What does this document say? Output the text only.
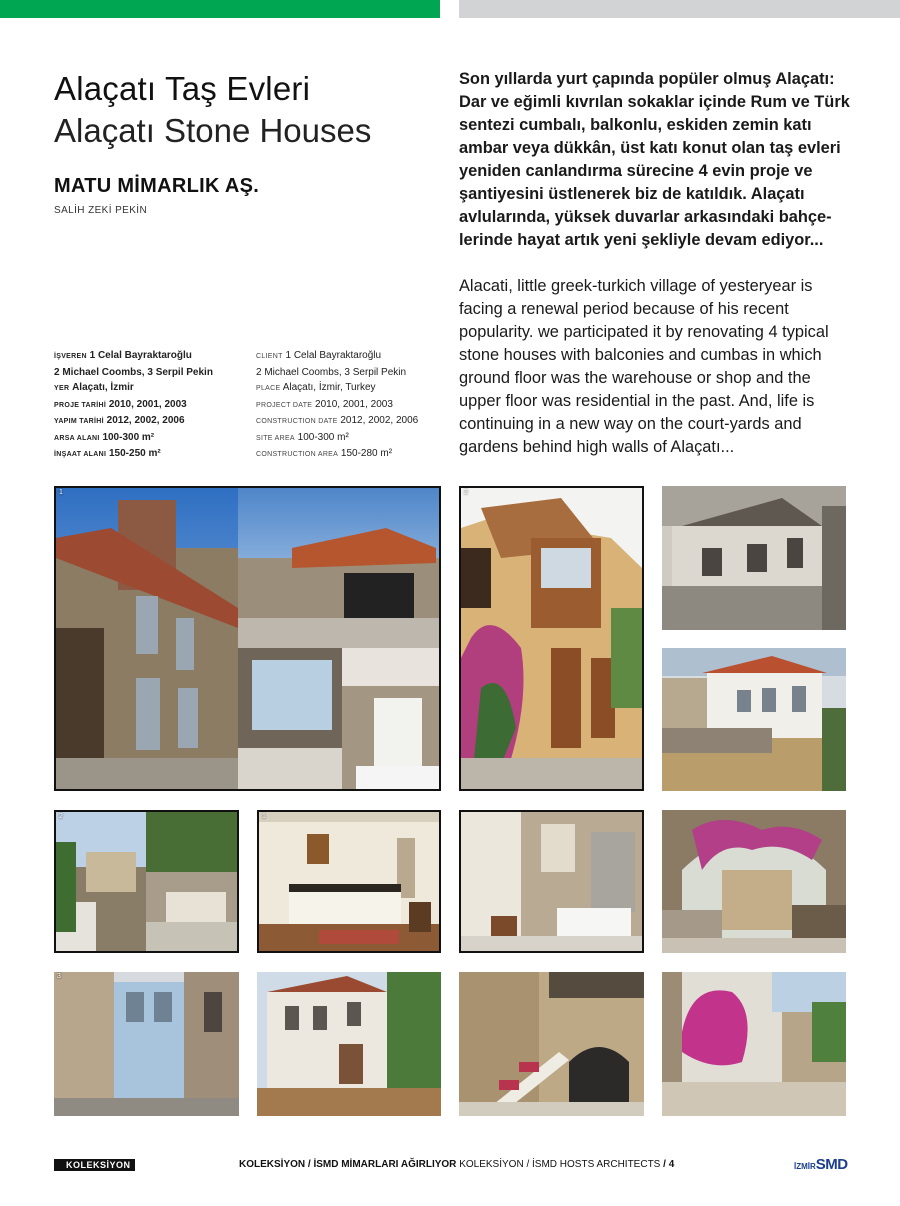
Alaçatı Taş Evleri
Alaçatı Stone Houses
MATU MİMARLIK AŞ.
SALİH ZEKİ PEKİN
İŞVEREN 1 Celal Bayraktaroğlu
2 Michael Coombs, 3 Serpil Pekin
YER Alaçatı, İzmir
PROJE TARİHİ 2010, 2001, 2003
YAPIM TARİHİ 2012, 2002, 2006
ARSA ALANI 100-300 m²
İNŞAAT ALANI 150-250 m²
CLIENT 1 Celal Bayraktaroğlu
2 Michael Coombs, 3 Serpil Pekin
PLACE Alaçatı, İzmir, Turkey
PROJECT DATE 2010, 2001, 2003
CONSTRUCTION DATE 2012, 2002, 2006
SITE AREA 100-300 m²
CONSTRUCTION AREA 150-280 m²

Son yıllarda yurt çapında popüler olmuş Alaçatı: Dar ve eğimli kıvrılan sokaklar içinde Rum ve Türk sentezi cumbalı, balkonlu, eskiden zemin katı ambar veya dükkân, üst katı konut olan taş evleri yeniden canlandırma sürecine 4 evin proje ve şantiyesini üstlenerek biz de katıldık. Alaçatı avlularında, yüksek duvarlar arkasındaki bahçe-lerinde hayat artık yeni şekliyle devam ediyor...

Alacati, little greek-turkich village of yesteryear is facing a renewal period because of his recent popularity. we participated it by renovating 4 typical stone houses with balconies and cumbas in which ground floor was the warehouse or shop and the upper floor was residential in the past. And, life is continuing in a new way on the court-yards and gardens behind high walls of Alaçatı...

1	2
2	1
3
KOLEKSİYON	KOLEKSİYON / İSMD MİMARLARI AĞIRLIYOR KOLEKSİYON / İSMD HOSTS ARCHITECTS / 4	İZMİRSMD
